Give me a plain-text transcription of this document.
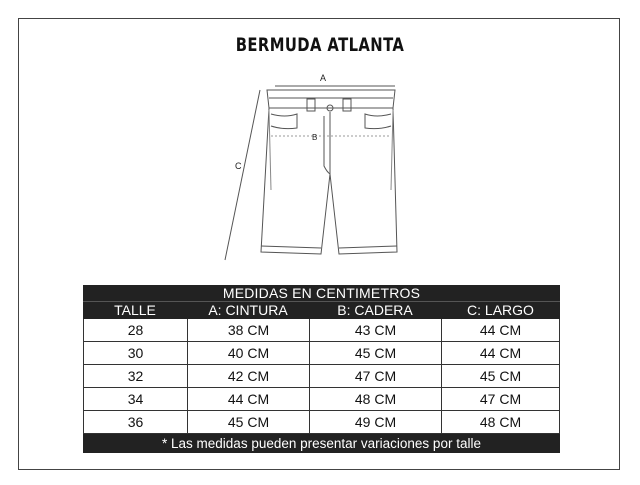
BERMUDA ATLANTA
A
B
C
MEDIDAS EN CENTIMETROS
TALLE	A: CINTURA	B: CADERA	C: LARGO
28	38 CM	43 CM	44 CM
30	40 CM	45 CM	44 CM
32	42 CM	47 CM	45 CM
34	44 CM	48 CM	47 CM
36	45 CM	49 CM	48 CM
* Las medidas pueden presentar variaciones por talle
